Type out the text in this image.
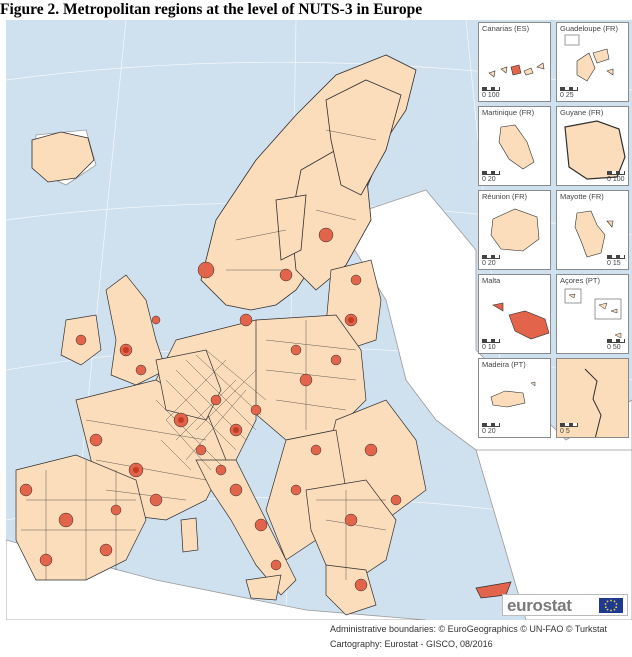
Figure 2. Metropolitan regions at the level of NUTS-3 in Europe
Canarias (ES)
0 100
Guadeloupe (FR)
0 25
Martinique (FR)
0 20
Guyane (FR)
0 100
Réunion (FR)
0 20
Mayotte (FR)
0 15
Malta
0 10
Açores (PT)
0 50
Madeira (PT)
0 20	0 5
eurostat
Administrative boundaries: © EuroGeographics © UN-FAO © Turkstat
Cartography: Eurostat - GISCO, 08/2016
